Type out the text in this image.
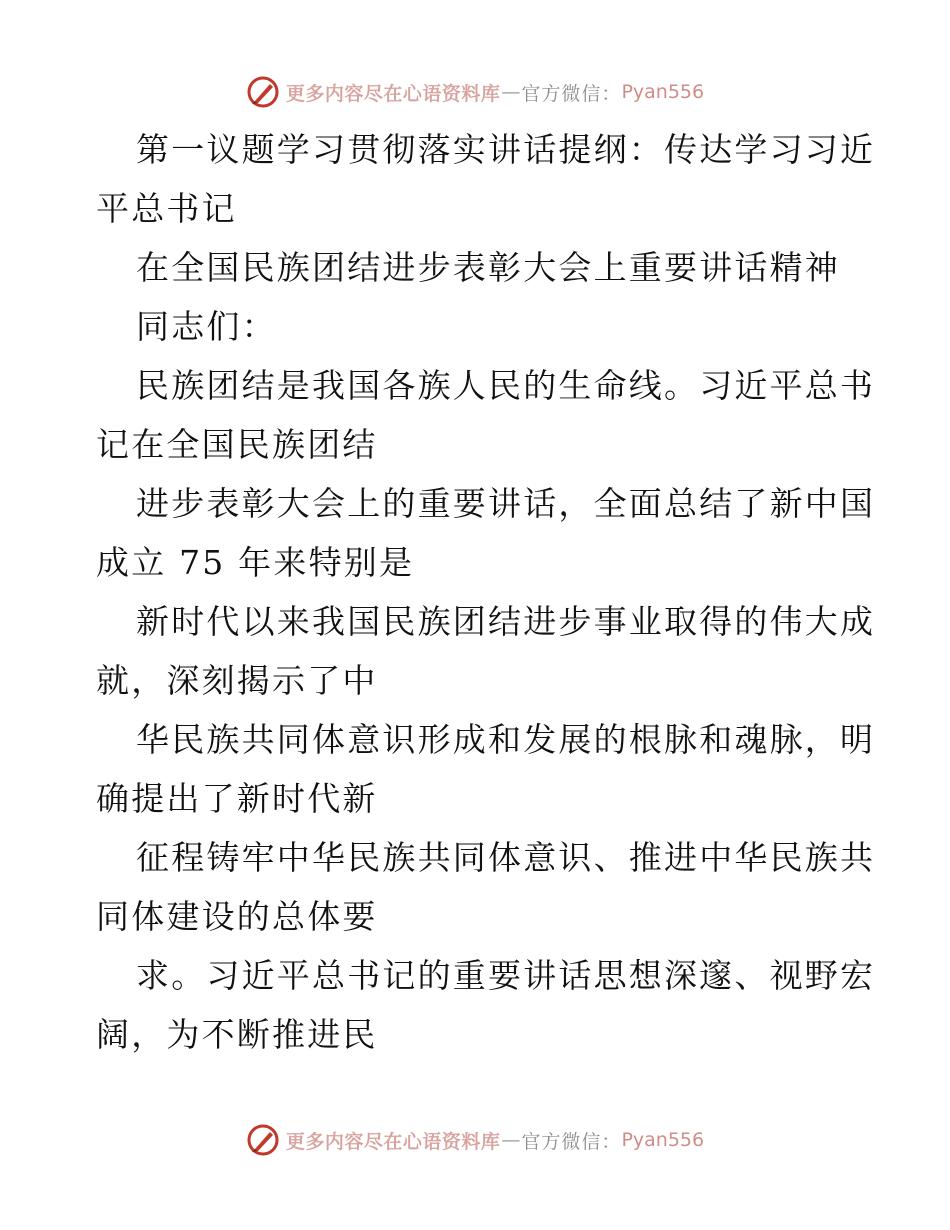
更多内容尽在心语资料库 — 官方微信： Pyan556
第一议题学习贯彻落实讲话提纲：传达学习习近
平总书记
在全国民族团结进步表彰大会上重要讲话精神
同志们：
民族团结是我国各族人民的生命线。习近平总书
记在全国民族团结
进步表彰大会上的重要讲话，全面总结了新中国
成立 75 年来特别是
新时代以来我国民族团结进步事业取得的伟大成
就，深刻揭示了中
华民族共同体意识形成和发展的根脉和魂脉，明
确提出了新时代新
征程铸牢中华民族共同体意识、推进中华民族共
同体建设的总体要
求。习近平总书记的重要讲话思想深邃、视野宏
阔，为不断推进民
更多内容尽在心语资料库 — 官方微信： Pyan556
